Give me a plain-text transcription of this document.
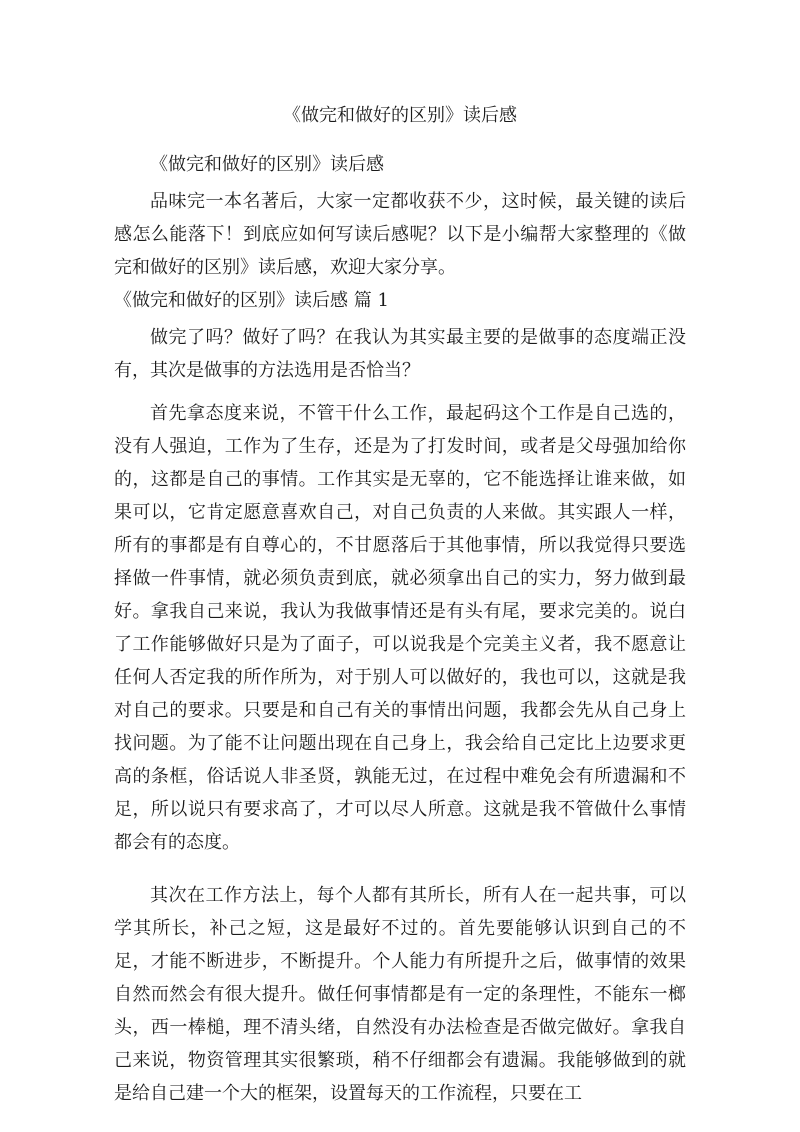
《做完和做好的区别》读后感

《做完和做好的区别》读后感

品味完一本名著后，大家一定都收获不少，这时候，最关键的读后感怎么能落下！到底应如何写读后感呢？以下是小编帮大家整理的《做完和做好的区别》读后感，欢迎大家分享。

《做完和做好的区别》读后感 篇 1

做完了吗？做好了吗？在我认为其实最主要的是做事的态度端正没有，其次是做事的方法选用是否恰当？

首先拿态度来说，不管干什么工作，最起码这个工作是自己选的，没有人强迫，工作为了生存，还是为了打发时间，或者是父母强加给你的，这都是自己的事情。工作其实是无辜的，它不能选择让谁来做，如果可以，它肯定愿意喜欢自己，对自己负责的人来做。其实跟人一样，所有的事都是有自尊心的，不甘愿落后于其他事情，所以我觉得只要选择做一件事情，就必须负责到底，就必须拿出自己的实力，努力做到最好。拿我自己来说，我认为我做事情还是有头有尾，要求完美的。说白了工作能够做好只是为了面子，可以说我是个完美主义者，我不愿意让任何人否定我的所作所为，对于别人可以做好的，我也可以，这就是我对自己的要求。只要是和自己有关的事情出问题，我都会先从自己身上找问题。为了能不让问题出现在自己身上，我会给自己定比上边要求更高的条框，俗话说人非圣贤，孰能无过，在过程中难免会有所遗漏和不足，所以说只有要求高了，才可以尽人所意。这就是我不管做什么事情都会有的态度。

其次在工作方法上，每个人都有其所长，所有人在一起共事，可以学其所长，补己之短，这是最好不过的。首先要能够认识到自己的不足，才能不断进步，不断提升。个人能力有所提升之后，做事情的效果自然而然会有很大提升。做任何事情都是有一定的条理性，不能东一榔头，西一棒槌，理不清头绪，自然没有办法检查是否做完做好。拿我自己来说，物资管理其实很繁琐，稍不仔细都会有遗漏。我能够做到的就是给自己建一个大的框架，设置每天的工作流程，只要在工
